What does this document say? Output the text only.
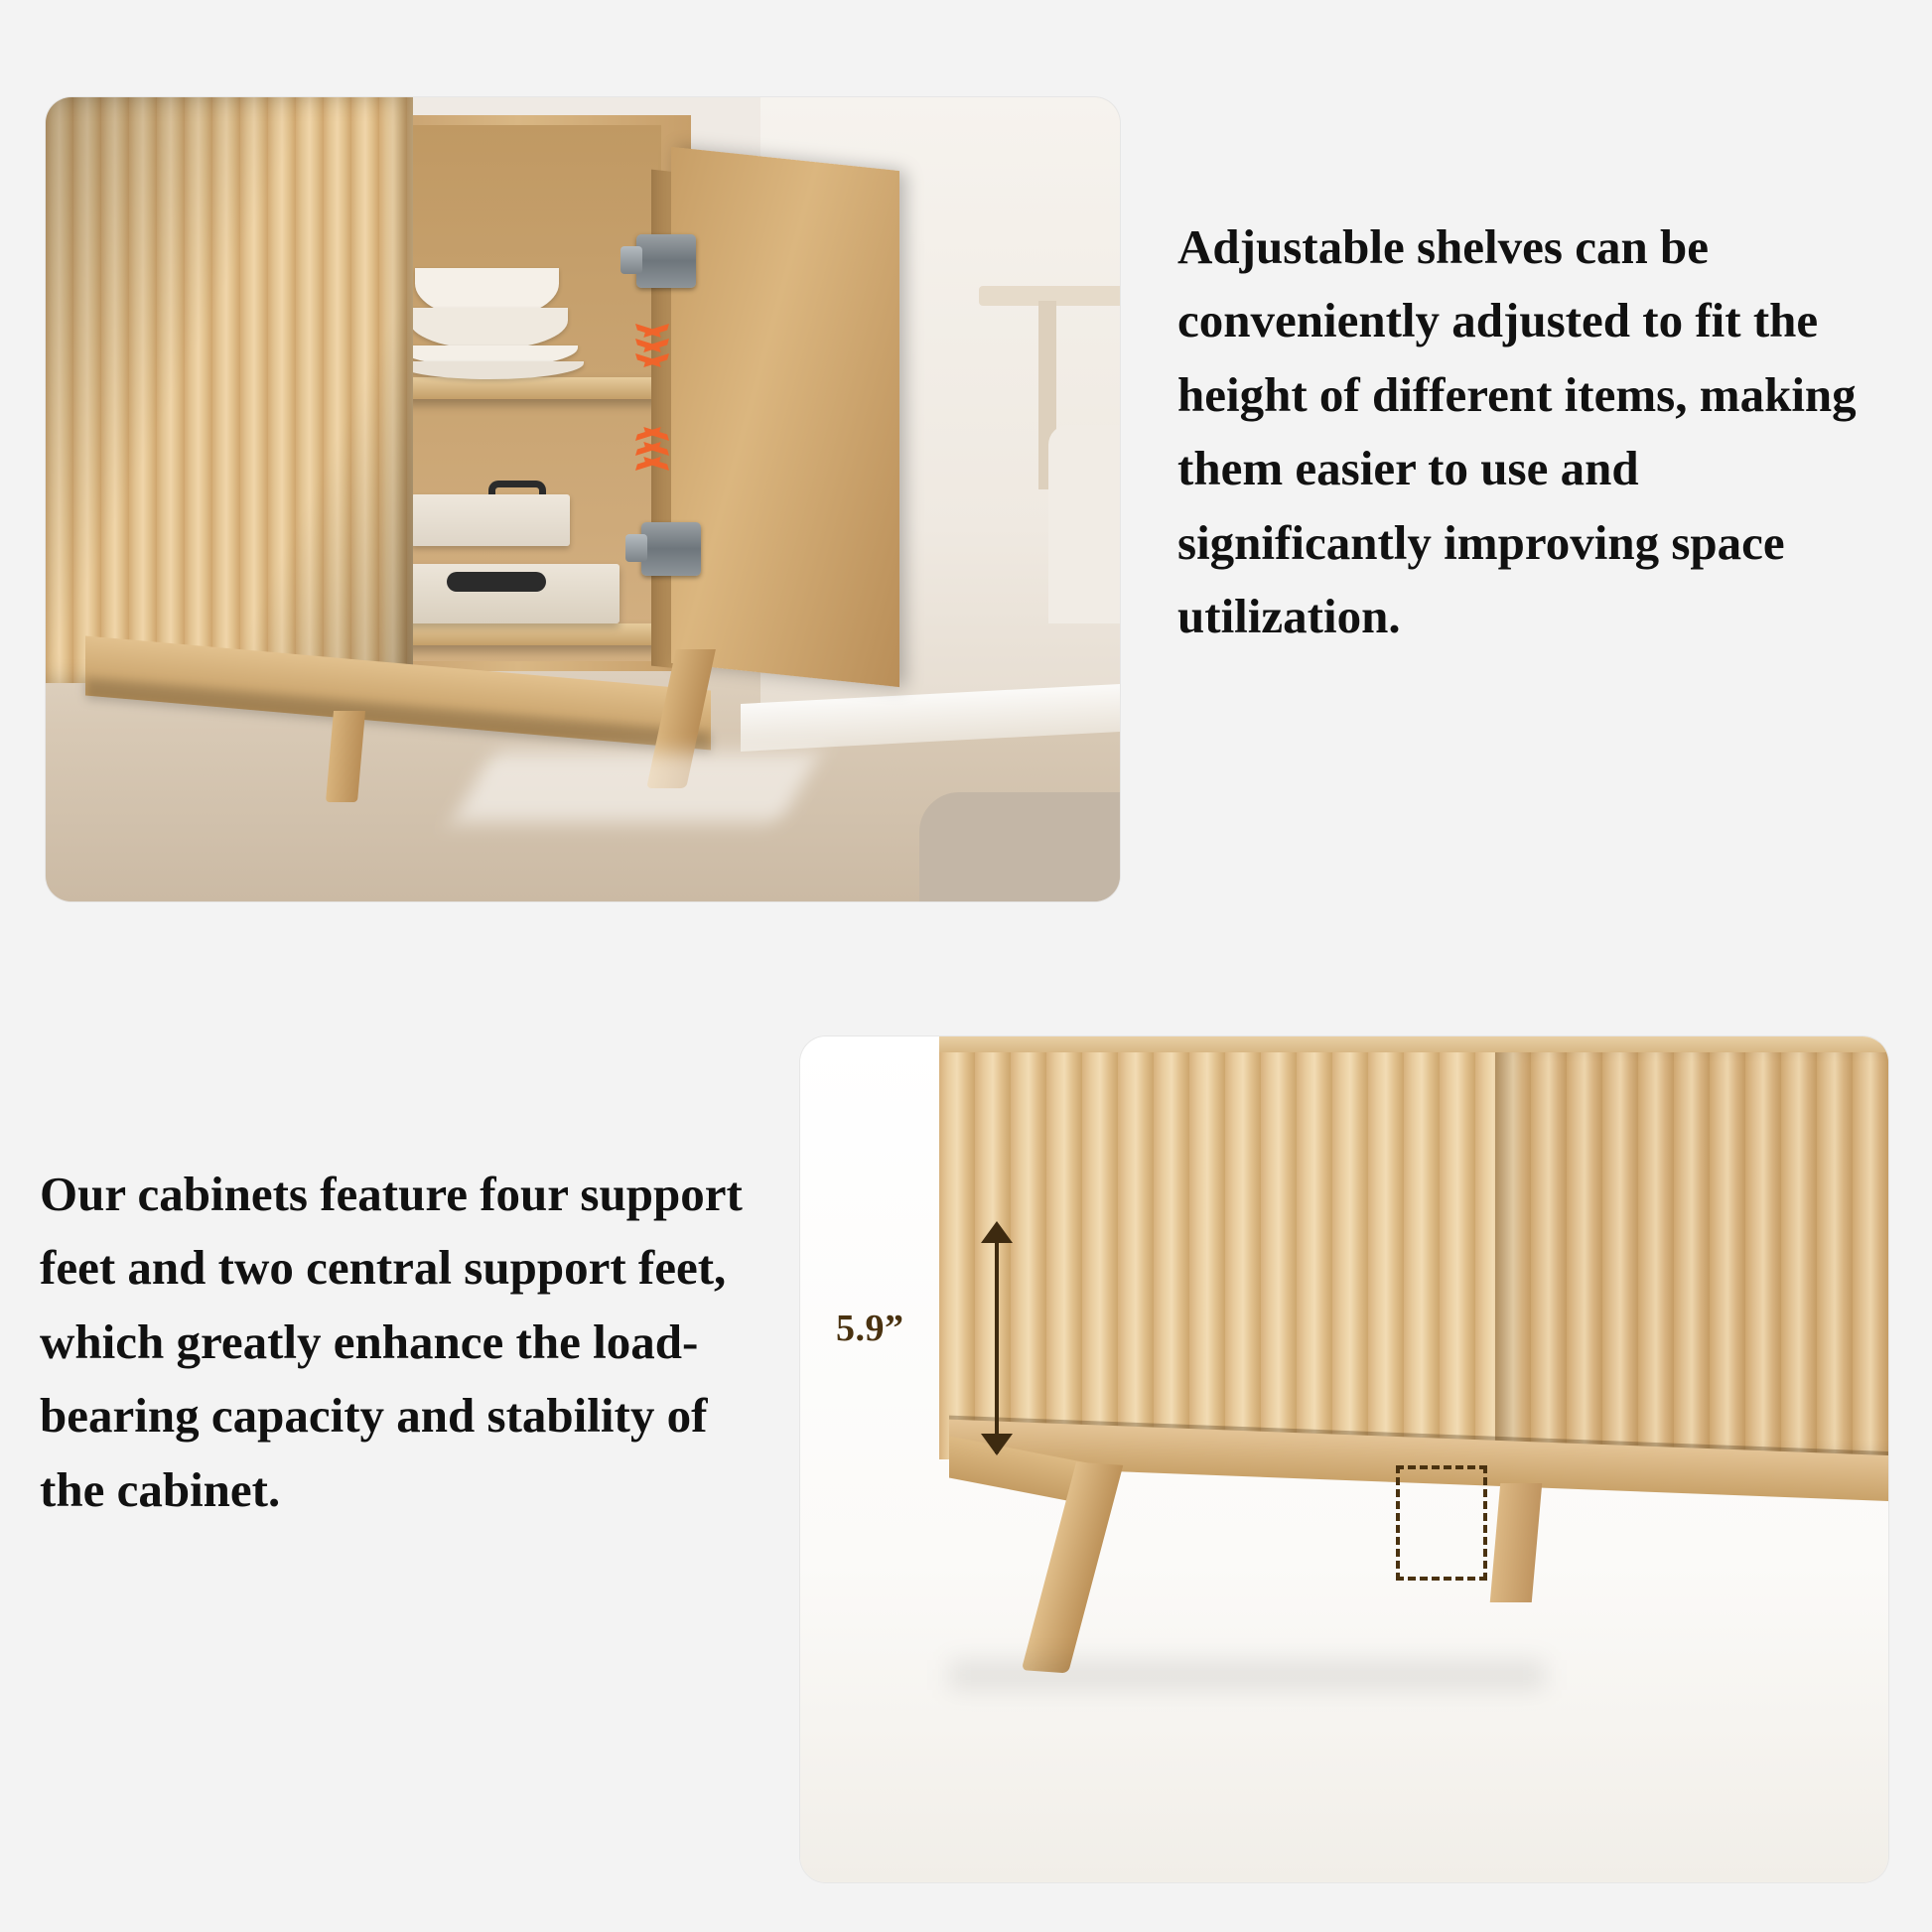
Adjustable shelves can be conveniently adjusted to fit the height of different items, making them easier to use and significantly improving space utilization.
Our cabinets feature four support feet and two central support feet, which greatly enhance the load-bearing capacity and stability of the cabinet.
5.9”
